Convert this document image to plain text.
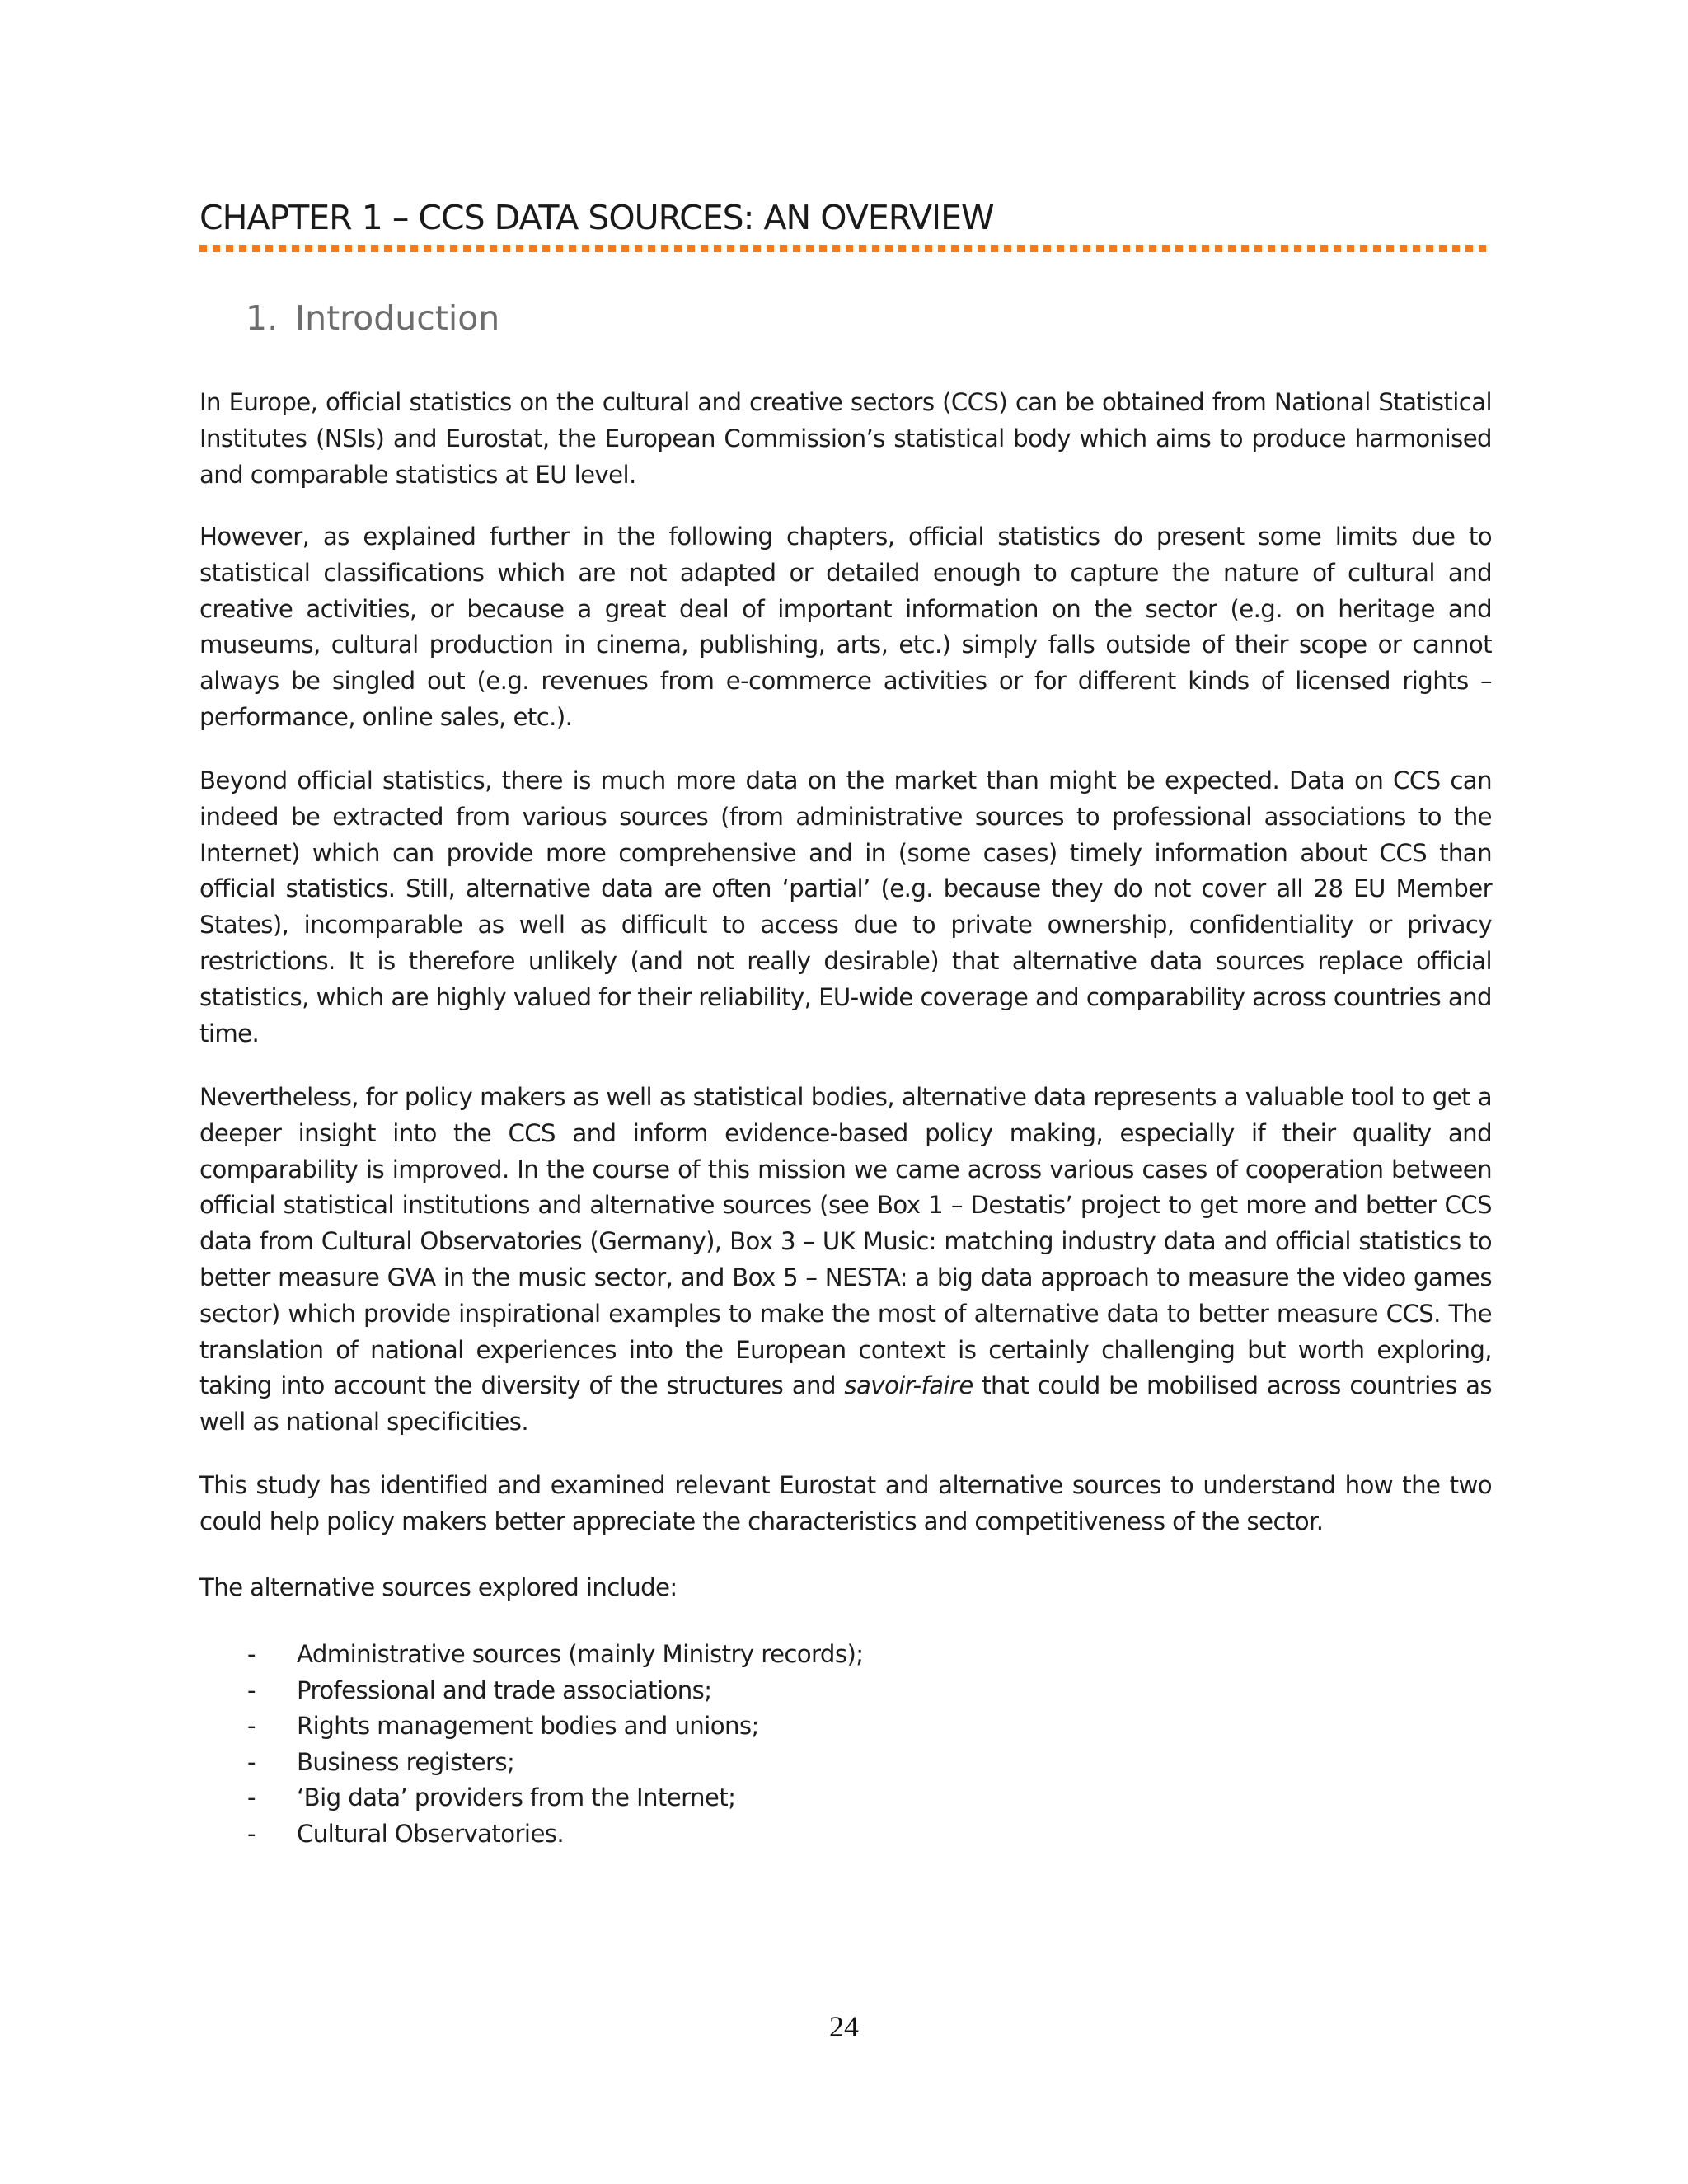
CHAPTER 1 – CCS DATA SOURCES: AN OVERVIEW
1. Introduction

In Europe, official statistics on the cultural and creative sectors (CCS) can be obtained from National Statistical Institutes (NSIs) and Eurostat, the European Commission’s statistical body which aims to produce harmonised and comparable statistics at EU level.

However, as explained further in the following chapters, official statistics do present some limits due to statistical classifications which are not adapted or detailed enough to capture the nature of cultural and creative activities, or because a great deal of important information on the sector (e.g. on heritage and museums, cultural production in cinema, publishing, arts, etc.) simply falls outside of their scope or cannot always be singled out (e.g. revenues from e-commerce activities or for different kinds of licensed rights – performance, online sales, etc.).

Beyond official statistics, there is much more data on the market than might be expected. Data on CCS can indeed be extracted from various sources (from administrative sources to professional associations to the Internet) which can provide more comprehensive and in (some cases) timely information about CCS than official statistics. Still, alternative data are often ‘partial’ (e.g. because they do not cover all 28 EU Member States), incomparable as well as difficult to access due to private ownership, confidentiality or privacy restrictions. It is therefore unlikely (and not really desirable) that alternative data sources replace official statistics, which are highly valued for their reliability, EU-wide coverage and comparability across countries and time.

Nevertheless, for policy makers as well as statistical bodies, alternative data represents a valuable tool to get a deeper insight into the CCS and inform evidence-based policy making, especially if their quality and comparability is improved. In the course of this mission we came across various cases of cooperation between official statistical institutions and alternative sources (see Box 1 – Destatis’ project to get more and better CCS data from Cultural Observatories (Germany), Box 3 – UK Music: matching industry data and official statistics to better measure GVA in the music sector, and Box 5 – NESTA: a big data approach to measure the video games sector) which provide inspirational examples to make the most of alternative data to better measure CCS. The translation of national experiences into the European context is certainly challenging but worth exploring, taking into account the diversity of the structures and savoir-faire that could be mobilised across countries as well as national specificities.

This study has identified and examined relevant Eurostat and alternative sources to understand how the two could help policy makers better appreciate the characteristics and competitiveness of the sector.

The alternative sources explored include:

- Administrative sources (mainly Ministry records);
- Professional and trade associations;
- Rights management bodies and unions;
- Business registers;
- ‘Big data’ providers from the Internet;
- Cultural Observatories.
24
